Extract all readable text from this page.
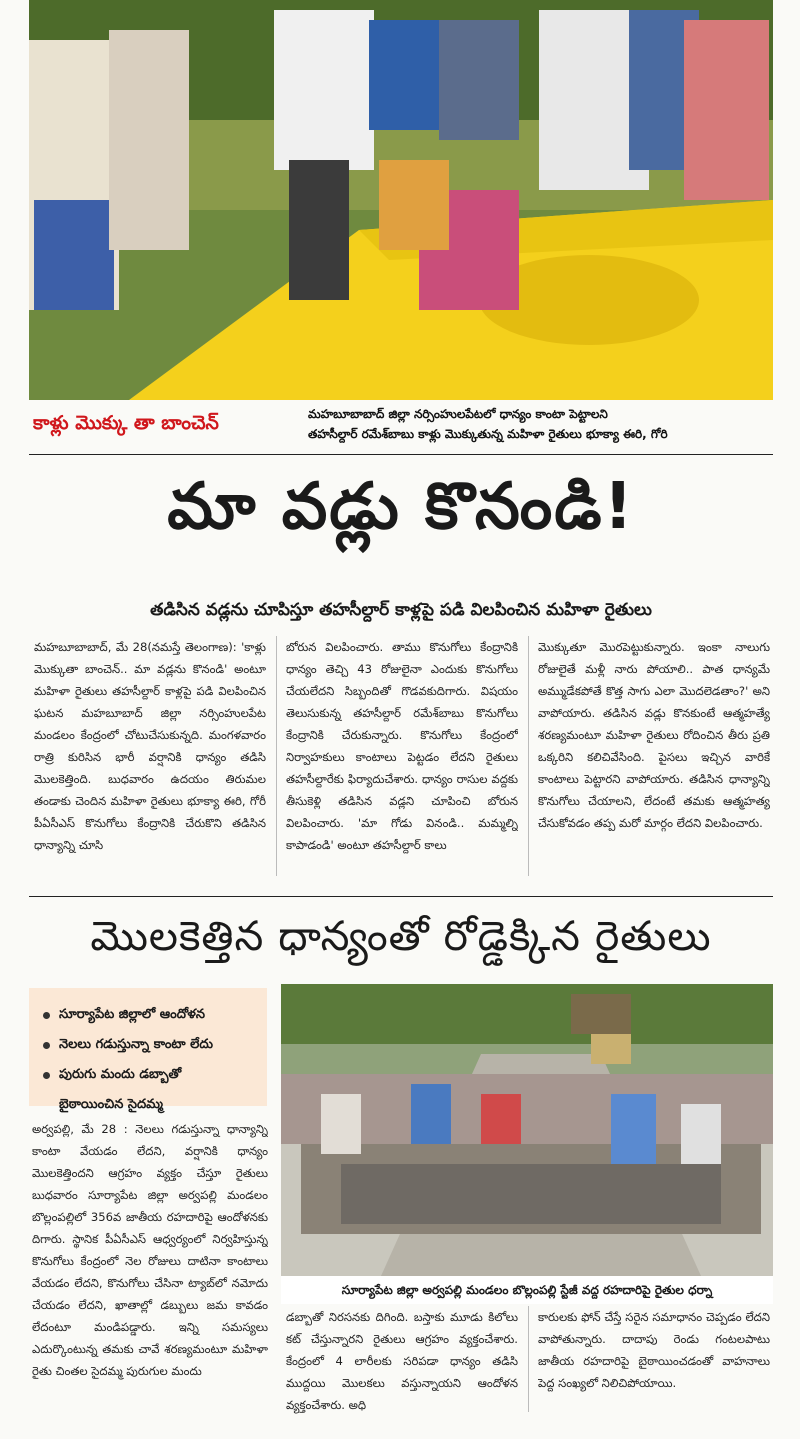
కాళ్లు మొక్కు తా బాంచెన్	మహబూబాబాద్ జిల్లా నర్సింహులపేటలో ధాన్యం కాంటా పెట్టాలని
తహసీల్దార్ రమేశ్‌బాబు కాళ్లు మొక్కుతున్న మహిళా రైతులు భూక్యా ఈరి, గోరి
మా వడ్లు కొనండి!
తడిసిన వడ్లను చూపిస్తూ తహసీల్దార్ కాళ్లపై పడి విలపించిన మహిళా రైతులు

మహబూబాబాద్, మే 28(నమస్తే తెలంగాణ): 'కాళ్లు మొక్కుతా బాంచెన్.. మా వడ్లను కొనండి' అంటూ మహిళా రైతులు తహసీల్దార్ కాళ్లపై పడి విలపించిన ఘటన మహబూబాద్ జిల్లా నర్సింహులపేట మండలం కేంద్రంలో చోటుచేసుకున్నది. మంగళవారం రాత్రి కురిసిన భారీ వర్షానికి ధాన్యం తడిసి మొలకెత్తింది. బుధవారం ఉదయం తిరుమల తండాకు చెందిన మహిళా రైతులు భూక్యా ఈరి, గోరీ పీఏసీఎస్ కొనుగోలు కేంద్రానికి చేరుకొని తడిసిన ధాన్యాన్ని చూసి

బోరున విలపించారు. తాము కొనుగోలు కేంద్రానికి ధాన్యం తెచ్చి 43 రోజులైనా ఎందుకు కొనుగోలు చేయలేదని సిబ్బందితో గొడవకుదిగారు. విషయం తెలుసుకున్న తహసీల్దార్ రమేశ్‌బాబు కొనుగోలు కేంద్రానికి చేరుకున్నారు. కొనుగోలు కేంద్రంలో నిర్వాహకులు కాంటాలు పెట్టడం లేదని రైతులు తహసీల్దారేకు ఫిర్యాదుచేశారు. ధాన్యం రాసుల వద్దకు తీసుకెళ్లి తడిసిన వడ్లని చూపించి బోరున విలపించారు. 'మా గోడు వినండి.. మమ్మల్ని కాపాడండి' అంటూ తహసీల్దార్ కాలు

మొక్కుతూ మొరపెట్టుకున్నారు. ఇంకా నాలుగు రోజులైతే మళ్లీ నారు పోయాలి.. పాత ధాన్యమే అమ్ముడేకపోతే కొత్త సాగు ఎలా మొదలెడతాం?' అని వాపోయారు. తడిసిన వడ్లు కొనకుంటే ఆత్మహత్యే శరణ్యమంటూ మహిళా రైతులు రోదించిన తీరు ప్రతి ఒక్కరిని కలిచివేసింది. పైసలు ఇచ్చిన వారికే కాంటాలు పెట్టారని వాపోయారు. తడిసిన ధాన్యాన్ని కొనుగోలు చేయాలని, లేదంటే తమకు ఆత్మహత్య చేసుకోవడం తప్ప మరో మార్గం లేదని విలపించారు.

మొలకెత్తిన ధాన్యంతో రోడ్డెక్కిన రైతులు
సూర్యాపేట జిల్లాలో ఆందోళన
నెలలు గడుస్తున్నా కాంటా లేదు
పురుగు మందు డబ్బాతో
బైఠాయించిన సైదమ్మ

అర్వపల్లి, మే 28 : నెలలు గడుస్తున్నా ధాన్యాన్ని కాంటా వేయడం లేదని, వర్షానికి ధాన్యం మొలకెత్తిందని ఆగ్రహం వ్యక్తం చేస్తూ రైతులు బుధవారం సూర్యాపేట జిల్లా అర్వపల్లి మండలం బొల్లంపల్లిలో 356వ జాతీయ రహదారిపై ఆందోళనకు దిగారు. స్థానిక పీఏసీఎస్ ఆధ్వర్యంలో నిర్వహిస్తున్న కొనుగోలు కేంద్రంలో నెల రోజులు దాటినా కాంటాలు వేయడం లేదని, కొనుగోలు చేసినా ట్యాబ్‌లో నమోదు చేయడం లేదని, ఖాతాల్లో డబ్బులు జమ కావడం లేదంటూ మండిపడ్డారు. ఇన్ని సమస్యలు ఎదుర్కొంటున్న తమకు చావే శరణ్యమంటూ మహిళా రైతు చింతల సైదమ్మ పురుగుల మందు

సూర్యాపేట జిల్లా అర్వపల్లి మండలం బొల్లంపల్లి స్టేజీ వద్ద రహదారిపై రైతుల ధర్నా

డబ్బాతో నిరసనకు దిగింది. బస్తాకు మూడు కిలోలు కట్ చేస్తున్నారని రైతులు ఆగ్రహం వ్యక్తంచేశారు. కేంద్రంలో 4 లారీలకు సరిపడా ధాన్యం తడిసి ముద్దయి మొలకలు వస్తున్నాయని ఆందోళన వ్యక్తంచేశారు. అధి

కారులకు ఫోన్ చేస్తే సరైన సమాధానం చెప్పడం లేదని వాపోతున్నారు. దాదాపు రెండు గంటలపాటు జాతీయ రహదారిపై బైఠాయించడంతో వాహనాలు పెద్ద సంఖ్యలో నిలిచిపోయాయి.
